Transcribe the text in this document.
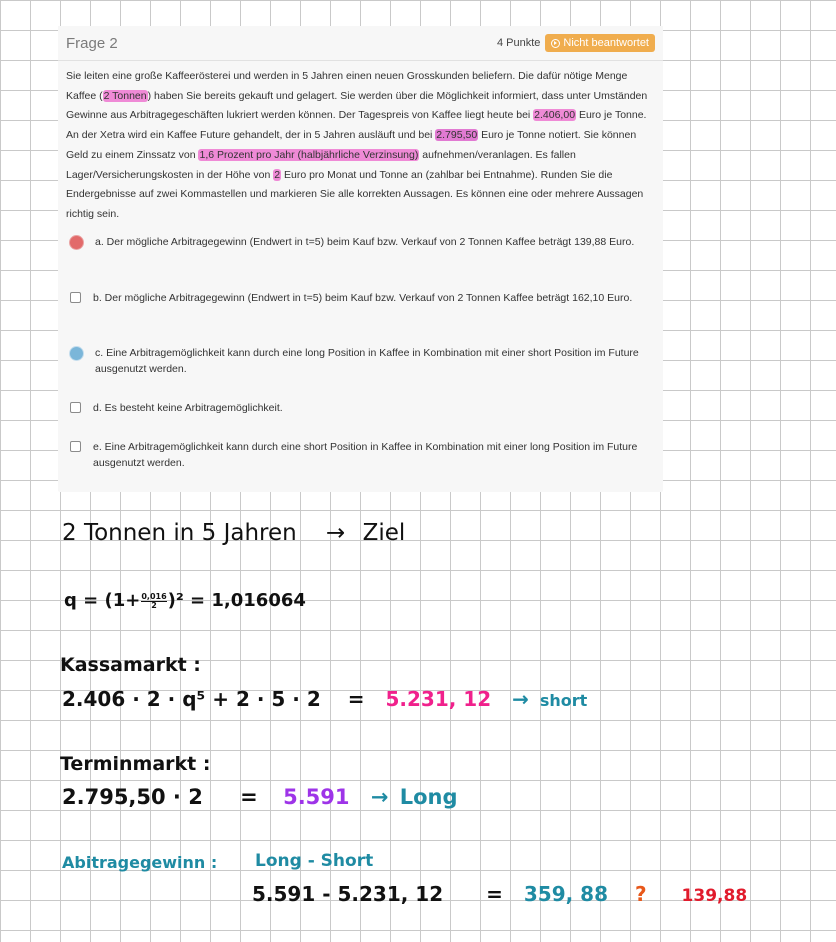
Frage 2	4 Punkte Nicht beantwortet
Sie leiten eine große Kaffeerösterei und werden in 5 Jahren einen neuen Grosskunden beliefern. Die dafür nötige Menge Kaffee (2 Tonnen) haben Sie bereits gekauft und gelagert. Sie werden über die Möglichkeit informiert, dass unter Umständen Gewinne aus Arbitragegeschäften lukriert werden können. Der Tagespreis von Kaffee liegt heute bei 2.406,00 Euro je Tonne. An der Xetra wird ein Kaffee Future gehandelt, der in 5 Jahren ausläuft und bei 2.795,50 Euro je Tonne notiert. Sie können Geld zu einem Zinssatz von 1,6 Prozent pro Jahr (halbjährliche Verzinsung) aufnehmen/veranlagen. Es fallen Lager/Versicherungskosten in der Höhe von 2 Euro pro Monat und Tonne an (zahlbar bei Entnahme). Runden Sie die Endergebnisse auf zwei Kommastellen und markieren Sie alle korrekten Aussagen. Es können eine oder mehrere Aussagen richtig sein.
a. Der mögliche Arbitragegewinn (Endwert in t=5) beim Kauf bzw. Verkauf von 2 Tonnen Kaffee beträgt 139,88 Euro.
b. Der mögliche Arbitragegewinn (Endwert in t=5) beim Kauf bzw. Verkauf von 2 Tonnen Kaffee beträgt 162,10 Euro.
c. Eine Arbitragemöglichkeit kann durch eine long Position in Kaffee in Kombination mit einer short Position im Future ausgenutzt werden.
d. Es besteht keine Arbitragemöglichkeit.
e. Eine Arbitragemöglichkeit kann durch eine short Position in Kaffee in Kombination mit einer long Position im Future ausgenutzt werden.
2 Tonnen in 5 Jahren → Ziel
$q = (1+ \frac{0,016}{2} )^2 = 1,016064$
Kassamarkt :
2.406 · 2 · q⁵ + 2 · 5 · 2 = 5.231, 12 → short
Terminmarkt :
2.795,50 · 2 = 5.591 → Long
Abitragegewinn : Long - Short
5.591 - 5.231, 12 = 359, 88 ? 139,88
